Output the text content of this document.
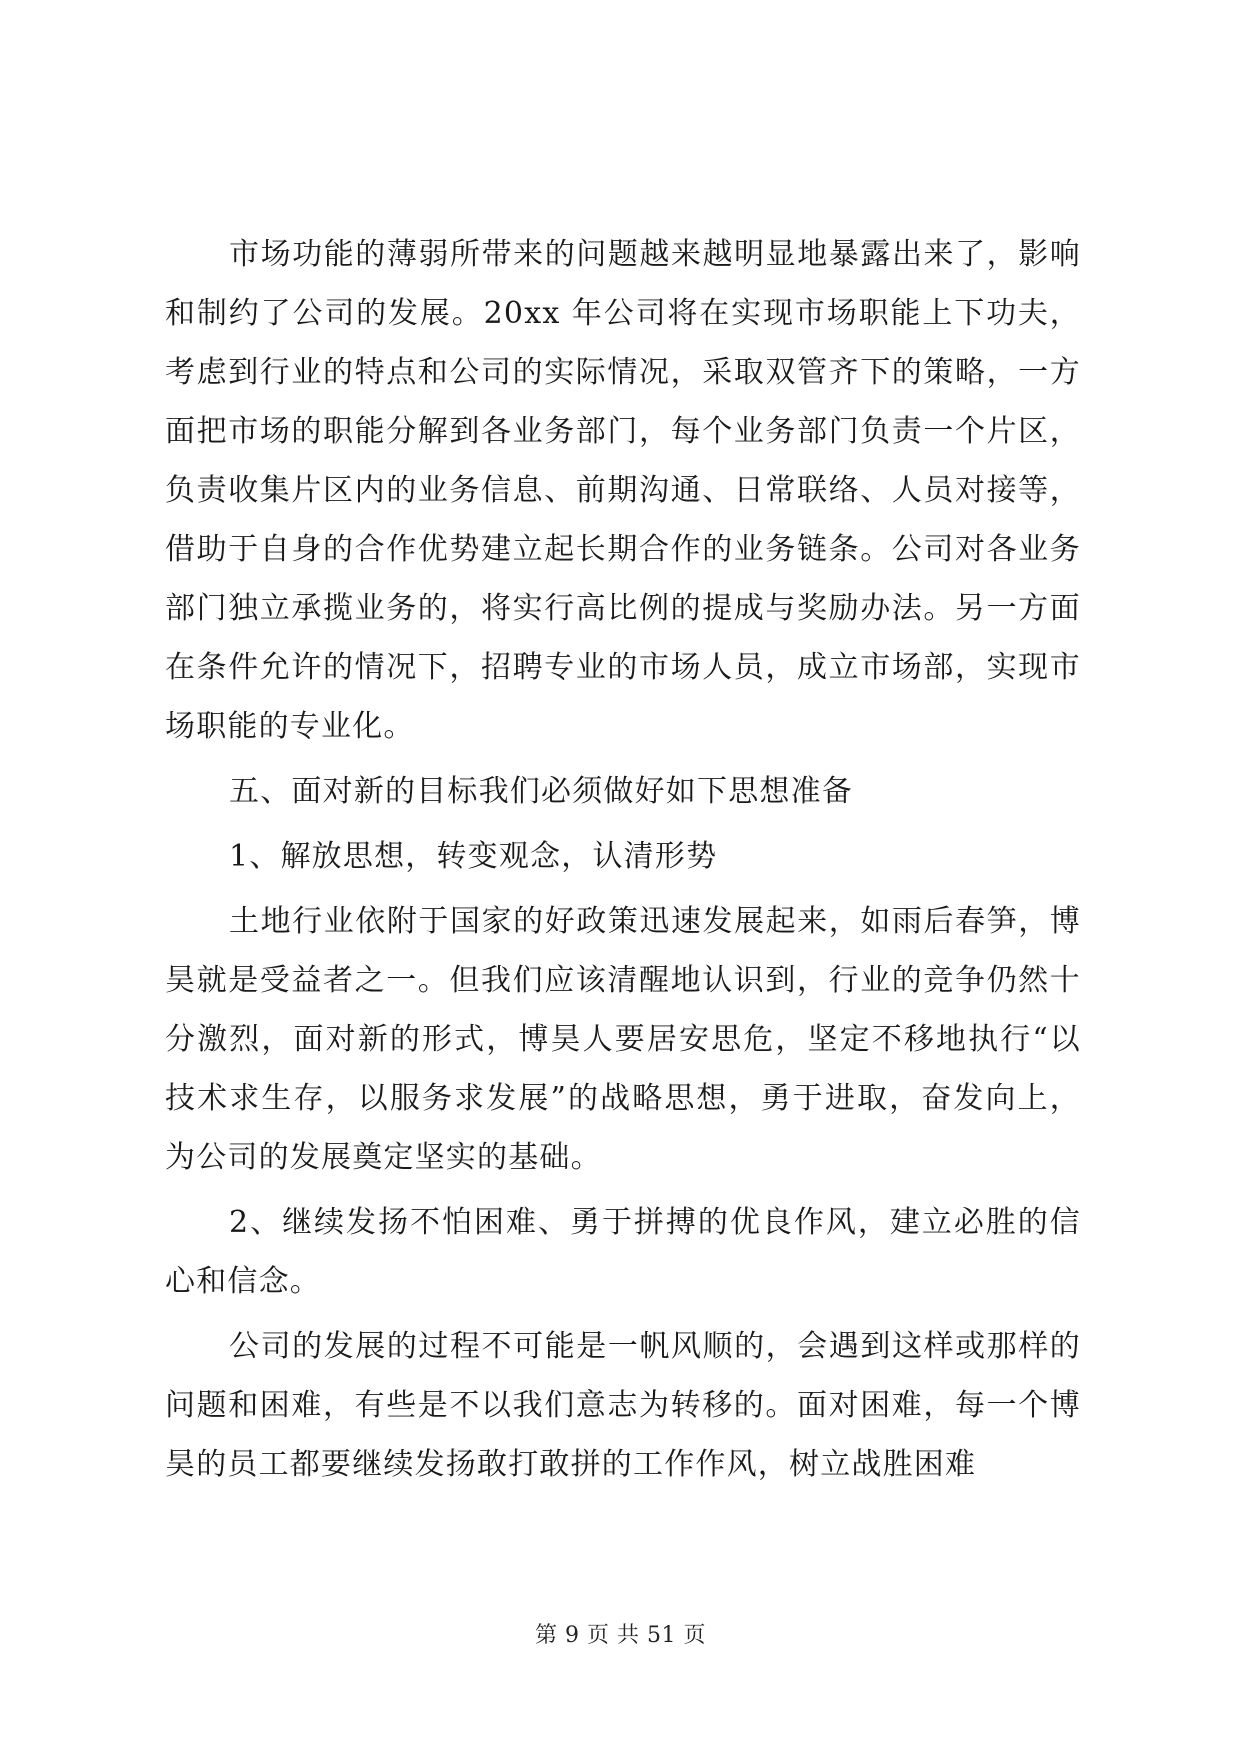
市场功能的薄弱所带来的问题越来越明显地暴露出来了，影响和制约了公司的发展。20xx 年公司将在实现市场职能上下功夫，考虑到行业的特点和公司的实际情况，采取双管齐下的策略，一方面把市场的职能分解到各业务部门，每个业务部门负责一个片区，负责收集片区内的业务信息、前期沟通、日常联络、人员对接等，借助于自身的合作优势建立起长期合作的业务链条。公司对各业务部门独立承揽业务的，将实行高比例的提成与奖励办法。另一方面在条件允许的情况下，招聘专业的市场人员，成立市场部，实现市场职能的专业化。

五、面对新的目标我们必须做好如下思想准备

1、解放思想，转变观念，认清形势

土地行业依附于国家的好政策迅速发展起来，如雨后春笋，博昊就是受益者之一。但我们应该清醒地认识到，行业的竞争仍然十分激烈，面对新的形式，博昊人要居安思危，坚定不移地执行“以技术求生存，以服务求发展”的战略思想，勇于进取，奋发向上，为公司的发展奠定坚实的基础。

2、继续发扬不怕困难、勇于拼搏的优良作风，建立必胜的信心和信念。

公司的发展的过程不可能是一帆风顺的，会遇到这样或那样的问题和困难，有些是不以我们意志为转移的。面对困难，每一个博昊的员工都要继续发扬敢打敢拼的工作作风，树立战胜困难

第 9 页 共 51 页
